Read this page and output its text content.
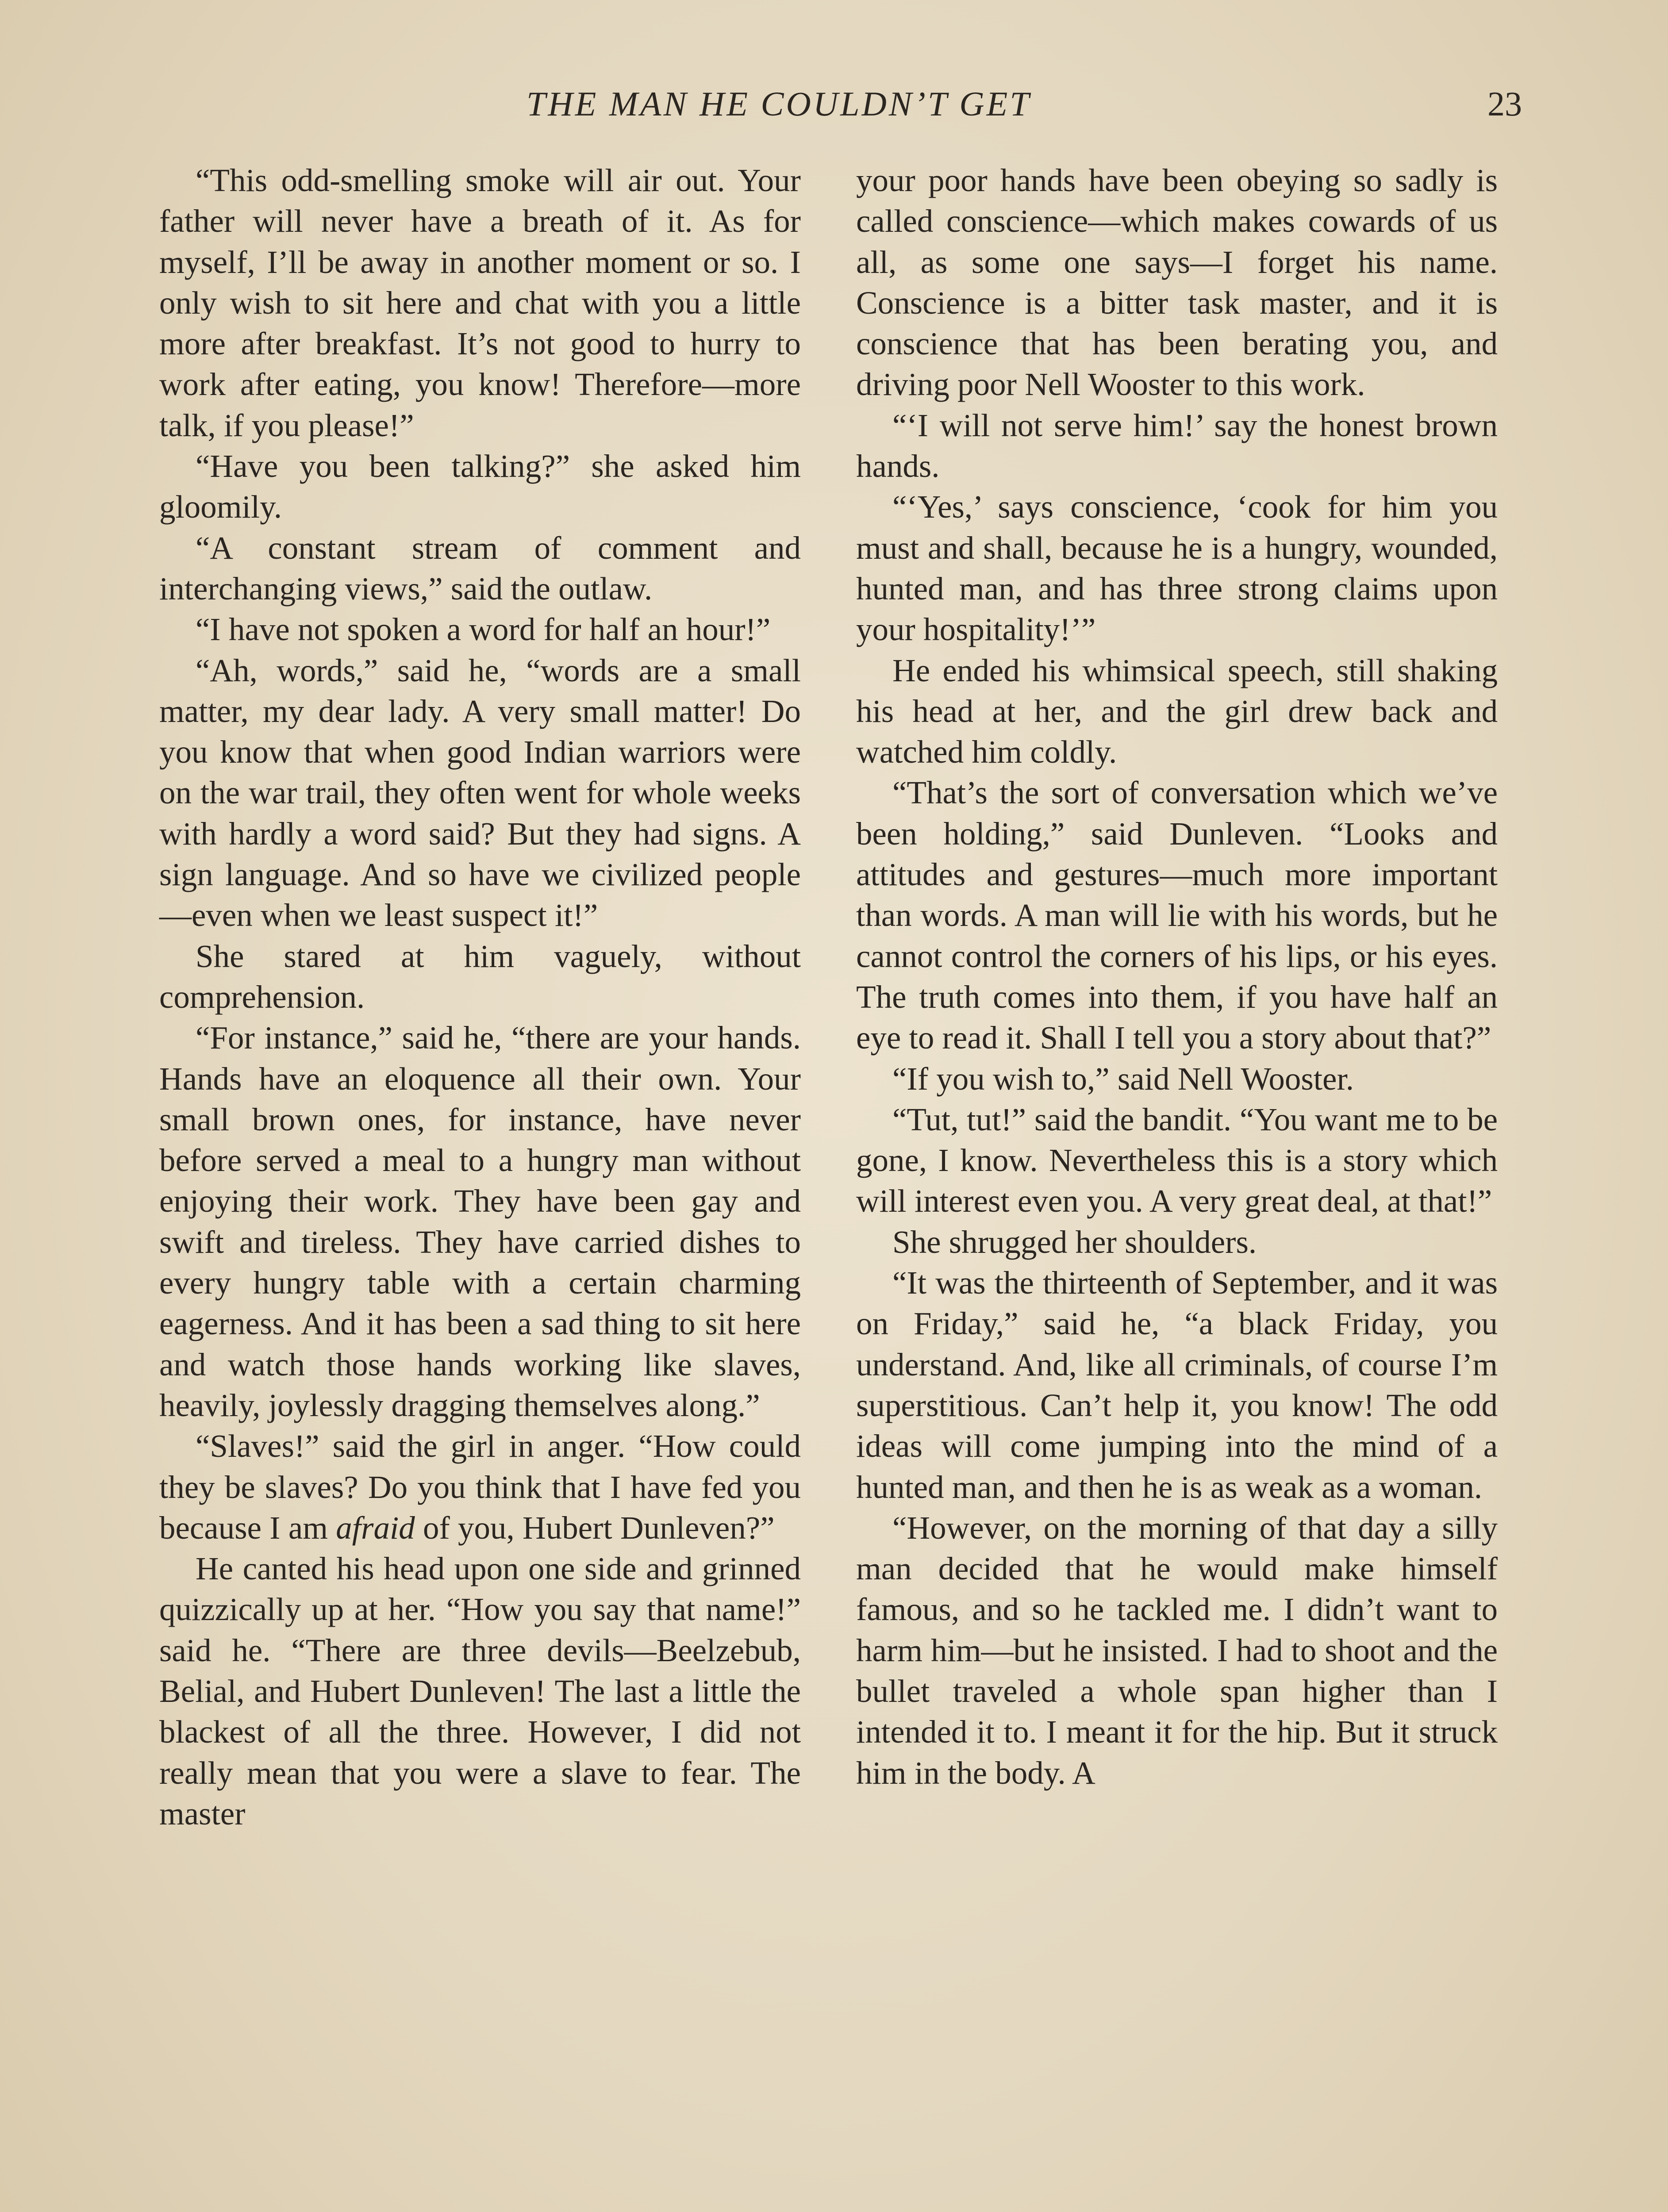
THE MAN HE COULDN’T GET	23

“This odd-smelling smoke will air out. Your father will never have a breath of it. As for myself, I’ll be away in another moment or so. I only wish to sit here and chat with you a little more after breakfast. It’s not good to hurry to work after eating, you know! Therefore—more talk, if you please!”

“Have you been talking?” she asked him gloomily.

“A constant stream of comment and interchanging views,” said the outlaw.

“I have not spoken a word for half an hour!”

“Ah, words,” said he, “words are a small matter, my dear lady. A very small matter! Do you know that when good Indian warriors were on the war trail, they often went for whole weeks with hardly a word said? But they had signs. A sign language. And so have we civilized people—even when we least suspect it!”

She stared at him vaguely, without comprehension.

“For instance,” said he, “there are your hands. Hands have an eloquence all their own. Your small brown ones, for instance, have never before served a meal to a hungry man without enjoying their work. They have been gay and swift and tireless. They have carried dishes to every hungry table with a certain charming eagerness. And it has been a sad thing to sit here and watch those hands working like slaves, heavily, joylessly dragging themselves along.”

“Slaves!” said the girl in anger. “How could they be slaves? Do you think that I have fed you because I am afraid of you, Hubert Dunleven?”

He canted his head upon one side and grinned quizzically up at her. “How you say that name!” said he. “There are three devils—Beelzebub, Belial, and Hubert Dunleven! The last a little the blackest of all the three. However, I did not really mean that you were a slave to fear. The master

your poor hands have been obeying so sadly is called conscience—which makes cowards of us all, as some one says—I forget his name. Conscience is a bitter task master, and it is conscience that has been berating you, and driving poor Nell Wooster to this work.

“‘I will not serve him!’ say the honest brown hands.

“‘Yes,’ says conscience, ‘cook for him you must and shall, because he is a hungry, wounded, hunted man, and has three strong claims upon your hospitality!’”

He ended his whimsical speech, still shaking his head at her, and the girl drew back and watched him coldly.

“That’s the sort of conversation which we’ve been holding,” said Dunleven. “Looks and attitudes and gestures—much more important than words. A man will lie with his words, but he cannot control the corners of his lips, or his eyes. The truth comes into them, if you have half an eye to read it. Shall I tell you a story about that?”

“If you wish to,” said Nell Wooster.

“Tut, tut!” said the bandit. “You want me to be gone, I know. Nevertheless this is a story which will interest even you. A very great deal, at that!”

She shrugged her shoulders.

“It was the thirteenth of September, and it was on Friday,” said he, “a black Friday, you understand. And, like all criminals, of course I’m superstitious. Can’t help it, you know! The odd ideas will come jumping into the mind of a hunted man, and then he is as weak as a woman.

“However, on the morning of that day a silly man decided that he would make himself famous, and so he tackled me. I didn’t want to harm him—but he insisted. I had to shoot and the bullet traveled a whole span higher than I intended it to. I meant it for the hip. But it struck him in the body. A
